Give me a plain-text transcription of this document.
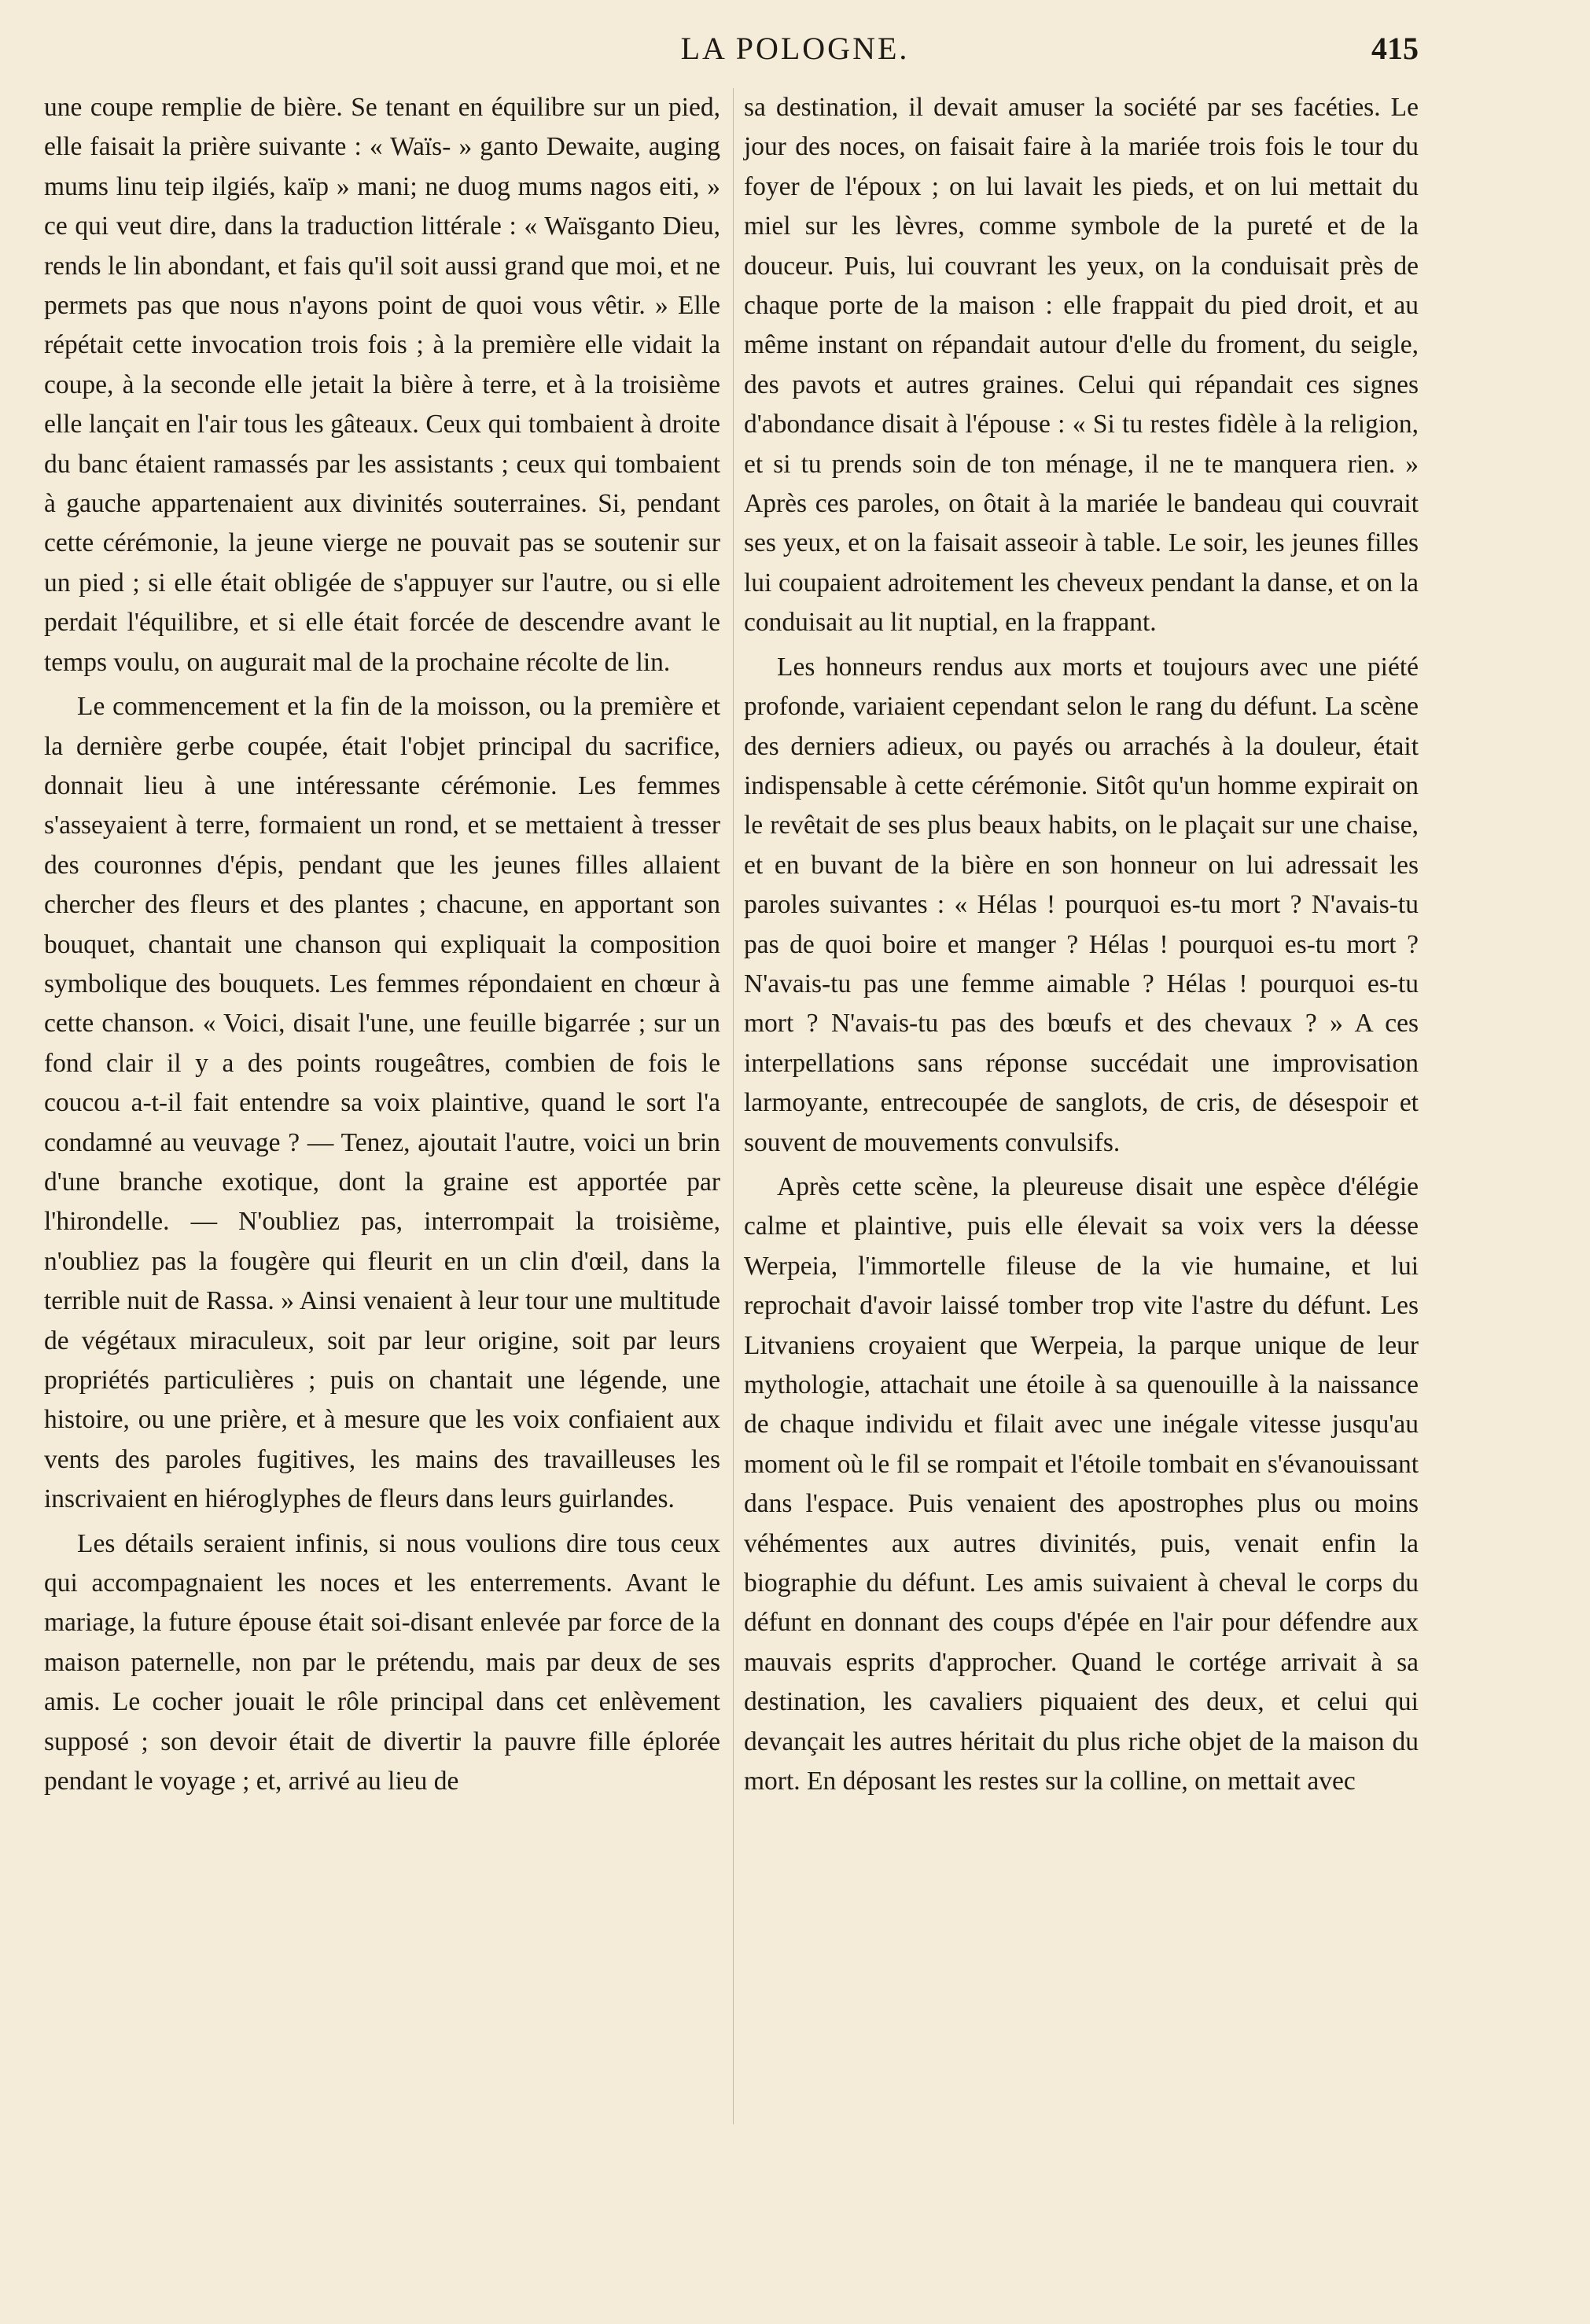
LA POLOGNE.	415

une coupe remplie de bière. Se tenant en équilibre sur un pied, elle faisait la prière suivante : « Waïs- » ganto Dewaite, auging mums linu teip ilgiés, kaïp » mani; ne duog mums nagos eiti, » ce qui veut dire, dans la traduction littérale : « Waïsganto Dieu, rends le lin abondant, et fais qu'il soit aussi grand que moi, et ne permets pas que nous n'ayons point de quoi vous vêtir. » Elle répétait cette invocation trois fois ; à la première elle vidait la coupe, à la seconde elle jetait la bière à terre, et à la troisième elle lançait en l'air tous les gâteaux. Ceux qui tombaient à droite du banc étaient ramassés par les assistants ; ceux qui tombaient à gauche appartenaient aux divinités souterraines. Si, pendant cette cérémonie, la jeune vierge ne pouvait pas se soutenir sur un pied ; si elle était obligée de s'appuyer sur l'autre, ou si elle perdait l'équilibre, et si elle était forcée de descendre avant le temps voulu, on augurait mal de la prochaine récolte de lin.

Le commencement et la fin de la moisson, ou la première et la dernière gerbe coupée, était l'objet principal du sacrifice, donnait lieu à une intéressante cérémonie. Les femmes s'asseyaient à terre, formaient un rond, et se mettaient à tresser des couronnes d'épis, pendant que les jeunes filles allaient chercher des fleurs et des plantes ; chacune, en apportant son bouquet, chantait une chanson qui expliquait la composition symbolique des bouquets. Les femmes répondaient en chœur à cette chanson. « Voici, disait l'une, une feuille bigarrée ; sur un fond clair il y a des points rougeâtres, combien de fois le coucou a-t-il fait entendre sa voix plaintive, quand le sort l'a condamné au veuvage ? — Tenez, ajoutait l'autre, voici un brin d'une branche exotique, dont la graine est apportée par l'hirondelle. — N'oubliez pas, interrompait la troisième, n'oubliez pas la fougère qui fleurit en un clin d'œil, dans la terrible nuit de Rassa. » Ainsi venaient à leur tour une multitude de végétaux miraculeux, soit par leur origine, soit par leurs propriétés particulières ; puis on chantait une légende, une histoire, ou une prière, et à mesure que les voix confiaient aux vents des paroles fugitives, les mains des travailleuses les inscrivaient en hiéroglyphes de fleurs dans leurs guirlandes.

Les détails seraient infinis, si nous voulions dire tous ceux qui accompagnaient les noces et les enterrements. Avant le mariage, la future épouse était soi-disant enlevée par force de la maison paternelle, non par le prétendu, mais par deux de ses amis. Le cocher jouait le rôle principal dans cet enlèvement supposé ; son devoir était de divertir la pauvre fille éplorée pendant le voyage ; et, arrivé au lieu de

sa destination, il devait amuser la société par ses facéties. Le jour des noces, on faisait faire à la mariée trois fois le tour du foyer de l'époux ; on lui lavait les pieds, et on lui mettait du miel sur les lèvres, comme symbole de la pureté et de la douceur. Puis, lui couvrant les yeux, on la conduisait près de chaque porte de la maison : elle frappait du pied droit, et au même instant on répandait autour d'elle du froment, du seigle, des pavots et autres graines. Celui qui répandait ces signes d'abondance disait à l'épouse : « Si tu restes fidèle à la religion, et si tu prends soin de ton ménage, il ne te manquera rien. » Après ces paroles, on ôtait à la mariée le bandeau qui couvrait ses yeux, et on la faisait asseoir à table. Le soir, les jeunes filles lui coupaient adroitement les cheveux pendant la danse, et on la conduisait au lit nuptial, en la frappant.

Les honneurs rendus aux morts et toujours avec une piété profonde, variaient cependant selon le rang du défunt. La scène des derniers adieux, ou payés ou arrachés à la douleur, était indispensable à cette cérémonie. Sitôt qu'un homme expirait on le revêtait de ses plus beaux habits, on le plaçait sur une chaise, et en buvant de la bière en son honneur on lui adressait les paroles suivantes : « Hélas ! pourquoi es-tu mort ? N'avais-tu pas de quoi boire et manger ? Hélas ! pourquoi es-tu mort ? N'avais-tu pas une femme aimable ? Hélas ! pourquoi es-tu mort ? N'avais-tu pas des bœufs et des chevaux ? » A ces interpellations sans réponse succédait une improvisation larmoyante, entrecoupée de sanglots, de cris, de désespoir et souvent de mouvements convulsifs.

Après cette scène, la pleureuse disait une espèce d'élégie calme et plaintive, puis elle élevait sa voix vers la déesse Werpeia, l'immortelle fileuse de la vie humaine, et lui reprochait d'avoir laissé tomber trop vite l'astre du défunt. Les Litvaniens croyaient que Werpeia, la parque unique de leur mythologie, attachait une étoile à sa quenouille à la naissance de chaque individu et filait avec une inégale vitesse jusqu'au moment où le fil se rompait et l'étoile tombait en s'évanouissant dans l'espace. Puis venaient des apostrophes plus ou moins véhémentes aux autres divinités, puis, venait enfin la biographie du défunt. Les amis suivaient à cheval le corps du défunt en donnant des coups d'épée en l'air pour défendre aux mauvais esprits d'approcher. Quand le cortége arrivait à sa destination, les cavaliers piquaient des deux, et celui qui devançait les autres héritait du plus riche objet de la maison du mort. En déposant les restes sur la colline, on mettait avec
